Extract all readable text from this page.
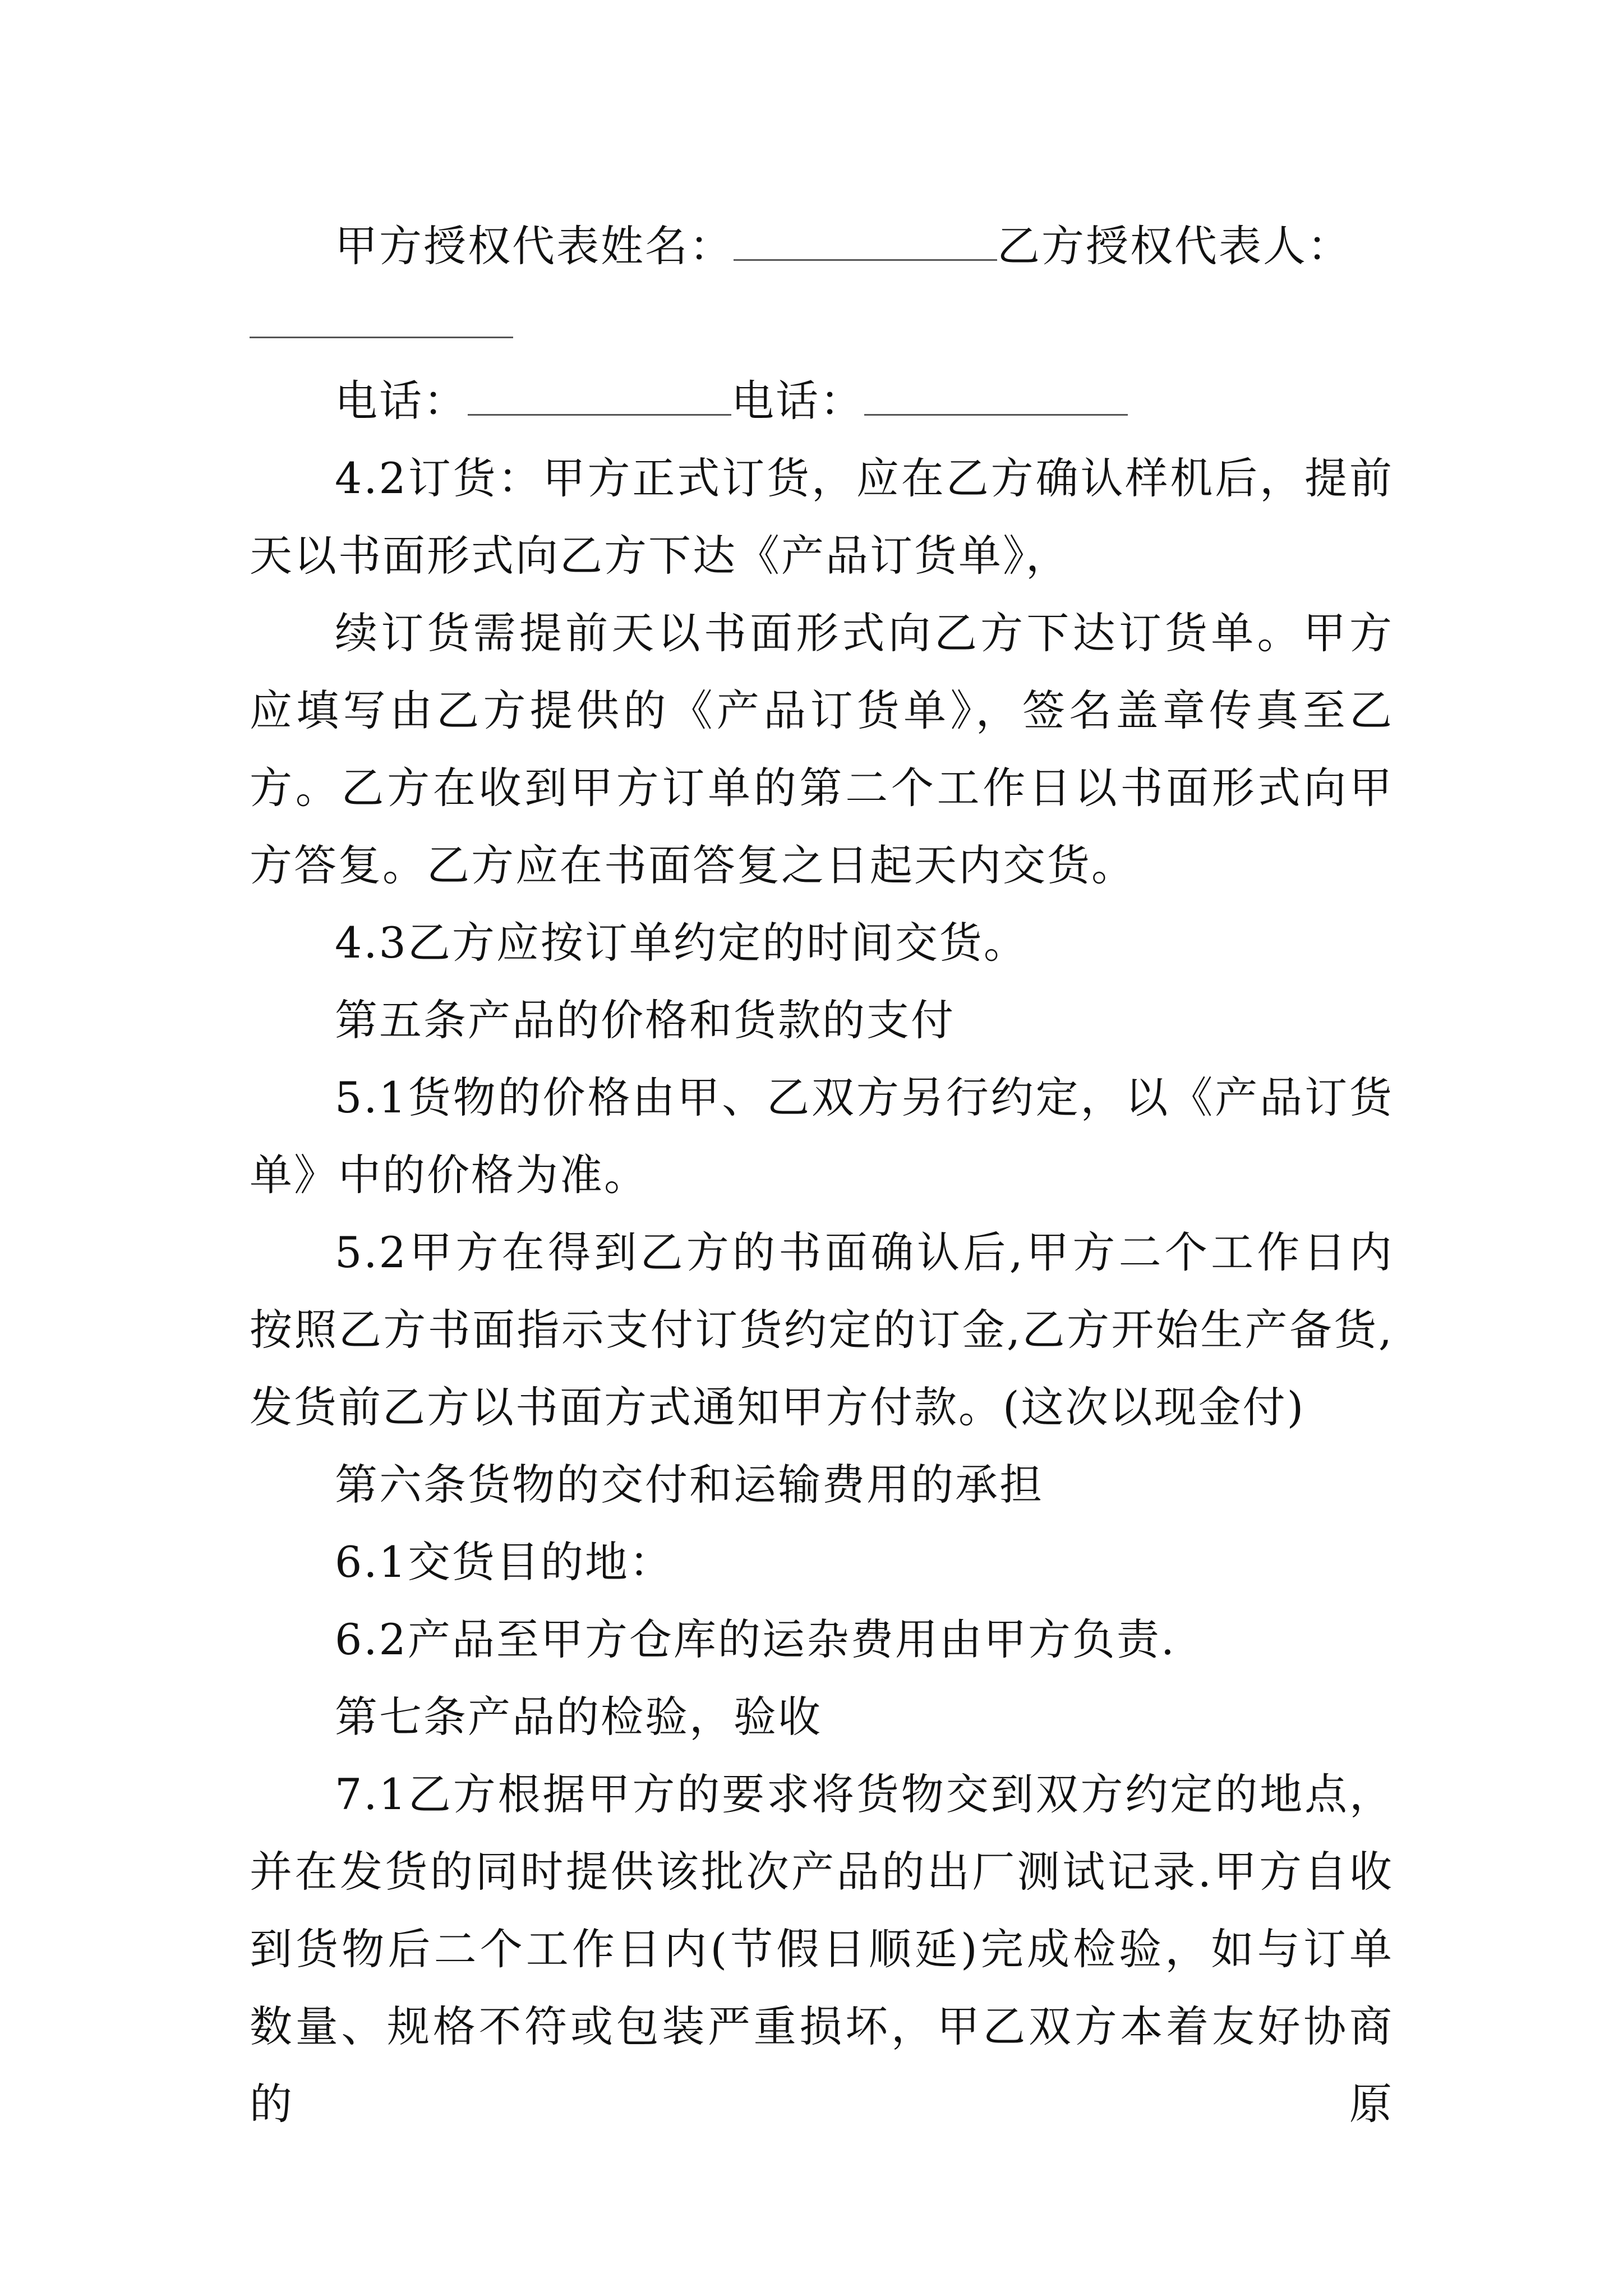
甲方授权代表姓名：	乙方授权代表人：
电话：	电话：

4.2订货：甲方正式订货，应在乙方确认样机后，提前天以书面形式向乙方下达《产品订货单》，

续订货需提前天以书面形式向乙方下达订货单。甲方应填写由乙方提供的《产品订货单》，签名盖章传真至乙方。乙方在收到甲方订单的第二个工作日以书面形式向甲方答复。乙方应在书面答复之日起天内交货。

4.3乙方应按订单约定的时间交货。

第五条产品的价格和货款的支付

5.1货物的价格由甲、乙双方另行约定，以《产品订货单》中的价格为准。

5.2甲方在得到乙方的书面确认后,甲方二个工作日内按照乙方书面指示支付订货约定的订金,乙方开始生产备货,发货前乙方以书面方式通知甲方付款。(这次以现金付)

第六条货物的交付和运输费用的承担

6.1交货目的地：

6.2产品至甲方仓库的运杂费用由甲方负责.

第七条产品的检验，验收

7.1乙方根据甲方的要求将货物交到双方约定的地点，并在发货的同时提供该批次产品的出厂测试记录.甲方自收到货物后二个工作日内(节假日顺延)完成检验，如与订单数量、规格不符或包装严重损坏，甲乙双方本着友好协商的原
